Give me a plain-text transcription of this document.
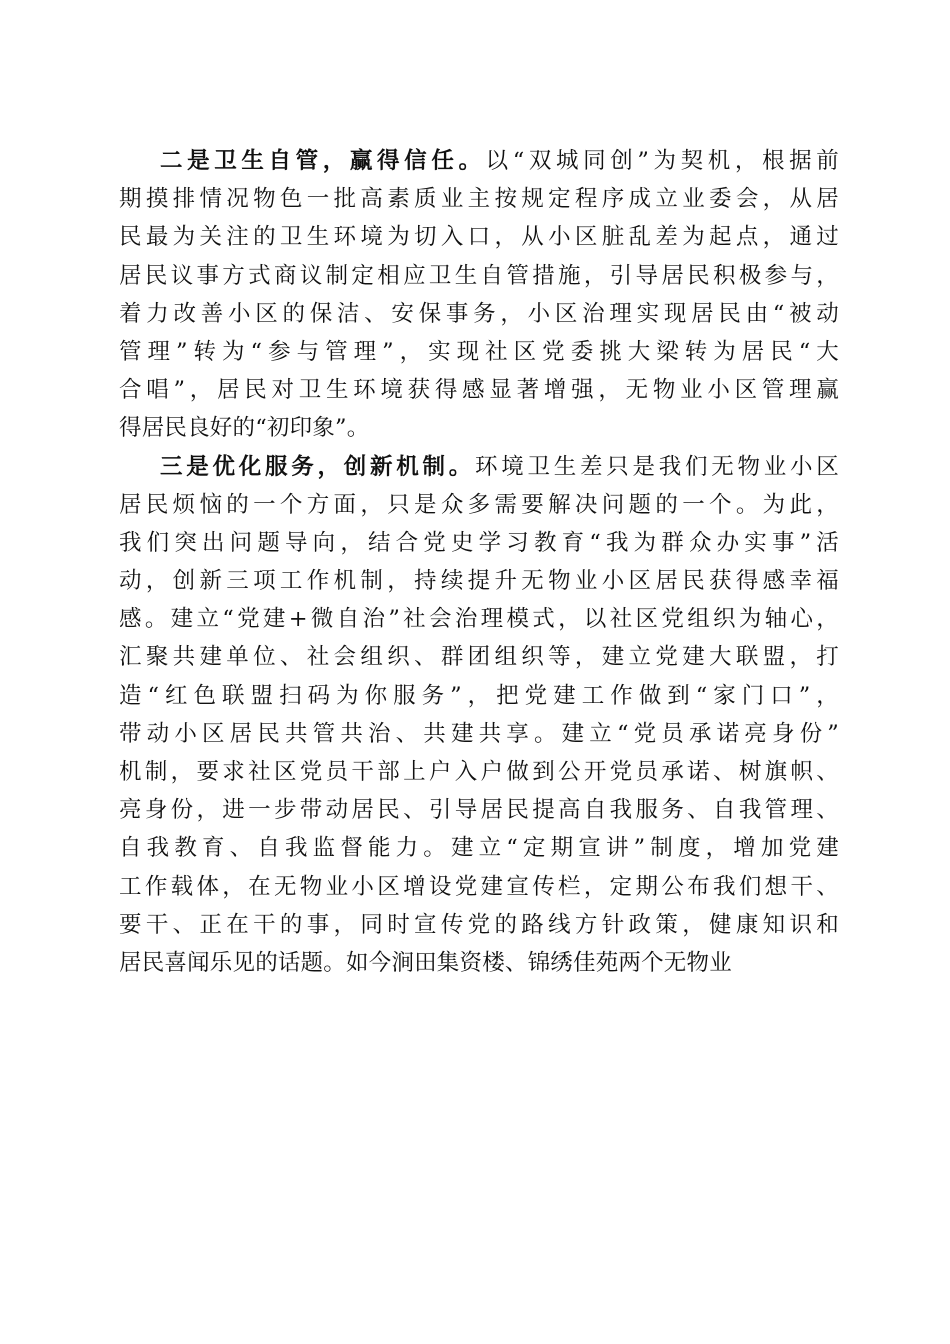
二是卫生自管，赢得信任。以“双城同创”为契机，根据前
期摸排情况物色一批高素质业主按规定程序成立业委会，从居
民最为关注的卫生环境为切入口，从小区脏乱差为起点，通过
居民议事方式商议制定相应卫生自管措施，引导居民积极参与，
着力改善小区的保洁、安保事务，小区治理实现居民由“被动
管理”转为“参与管理”，实现社区党委挑大梁转为居民“大
合唱”，居民对卫生环境获得感显著增强，无物业小区管理赢
得居民良好的“初印象”。
三是优化服务，创新机制。环境卫生差只是我们无物业小区
居民烦恼的一个方面，只是众多需要解决问题的一个。为此，
我们突出问题导向，结合党史学习教育“我为群众办实事”活
动，创新三项工作机制，持续提升无物业小区居民获得感幸福
感。建立“党建+微自治”社会治理模式，以社区党组织为轴心，
汇聚共建单位、社会组织、群团组织等，建立党建大联盟，打
造“红色联盟扫码为你服务”，把党建工作做到“家门口”，
带动小区居民共管共治、共建共享。建立“党员承诺亮身份”
机制，要求社区党员干部上户入户做到公开党员承诺、树旗帜、
亮身份，进一步带动居民、引导居民提高自我服务、自我管理、
自我教育、自我监督能力。建立“定期宣讲”制度，增加党建
工作载体，在无物业小区增设党建宣传栏，定期公布我们想干、
要干、正在干的事，同时宣传党的路线方针政策，健康知识和
居民喜闻乐见的话题。如今涧田集资楼、锦绣佳苑两个无物业
